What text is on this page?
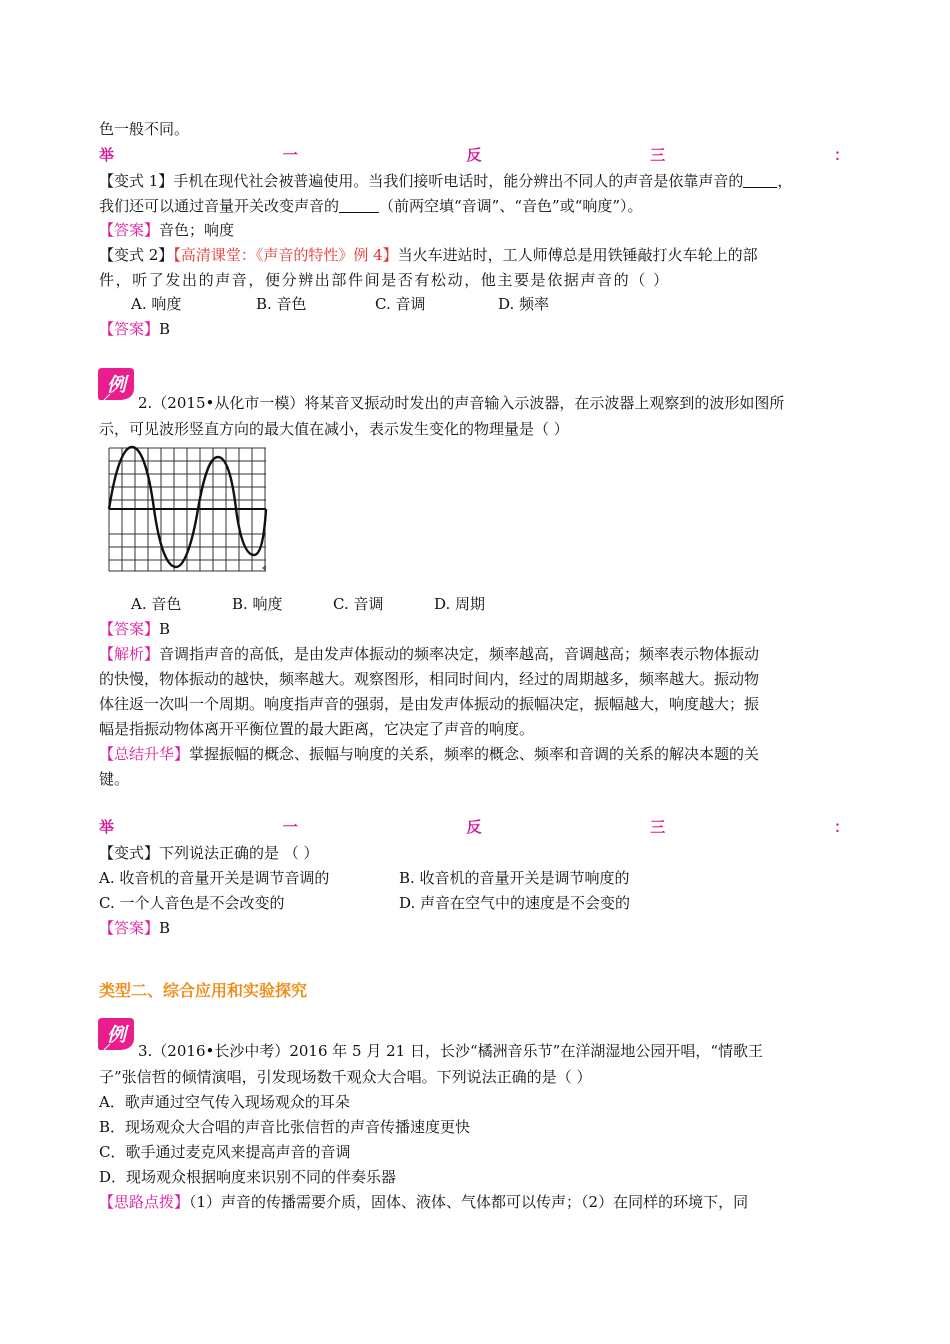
色一般不同。
举	一	反	三	：
【变式 1】手机在现代社会被普遍使用。当我们接听电话时，能分辨出不同人的声音是依靠声音的 ，
我们还可以通过音量开关改变声音的	（前两空填“音调”、“音色”或“响度”）。
【答案】音色；响度
【变式 2】【高清课堂：《声音的特性》例 4】当火车进站时，工人师傅总是用铁锤敲打火车轮上的部
件，听了发出的声音，便分辨出部件间是否有松动，他主要是依据声音的（ ）
A. 响度	B. 音色	C. 音调	D. 频率
【答案】B
例
2.（2015•从化市一模）将某音叉振动时发出的声音输入示波器，在示波器上观察到的波形如图所
示，可见波形竖直方向的最大值在减小，表示发生变化的物理量是（ ）
A. 音色	B. 响度	C. 音调	D. 周期
【答案】B
【解析】音调指声音的高低，是由发声体振动的频率决定，频率越高，音调越高；频率表示物体振动
的快慢，物体振动的越快，频率越大。观察图形，相同时间内，经过的周期越多，频率越大。振动物
体往返一次叫一个周期。响度指声音的强弱，是由发声体振动的振幅决定，振幅越大，响度越大；振
幅是指振动物体离开平衡位置的最大距离，它决定了声音的响度。
【总结升华】掌握振幅的概念、振幅与响度的关系，频率的概念、频率和音调的关系的解决本题的关
键。
举	一	反	三	：
【变式】下列说法正确的是 （ ）
A. 收音机的音量开关是调节音调的	B. 收音机的音量开关是调节响度的
C. 一个人音色是不会改变的	D. 声音在空气中的速度是不会变的
【答案】B
类型二、综合应用和实验探究
例
3.（2016•长沙中考）2016 年 5 月 21 日，长沙“橘洲音乐节”在洋湖湿地公园开唱，“情歌王
子”张信哲的倾情演唱，引发现场数千观众大合唱。下列说法正确的是（ ）
A．歌声通过空气传入现场观众的耳朵
B．现场观众大合唱的声音比张信哲的声音传播速度更快
C．歌手通过麦克风来提高声音的音调
D．现场观众根据响度来识别不同的伴奏乐器
【思路点拨】（1）声音的传播需要介质，固体、液体、气体都可以传声；（2）在同样的环境下，同
